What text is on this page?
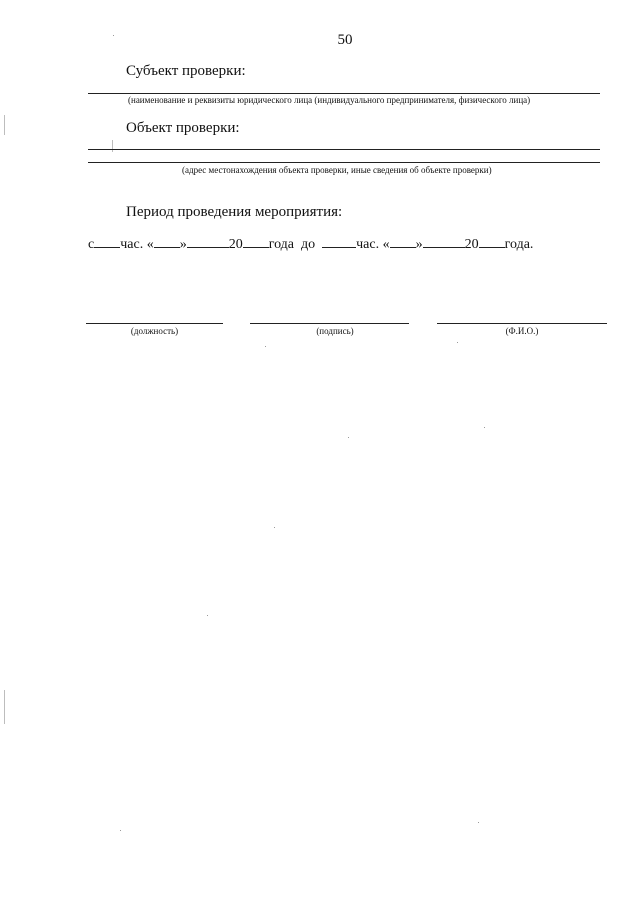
50
Субъект проверки:
(наименование и реквизиты юридического лица (индивидуального предпринимателя, физического лица)
Объект проверки:
(адрес местонахождения объекта проверки, иные сведения об объекте проверки)
Период проведения мероприятия:
с час. « »	20 года до	час. « »	20 года.
(должность)	(подпись)	(Ф.И.О.)
